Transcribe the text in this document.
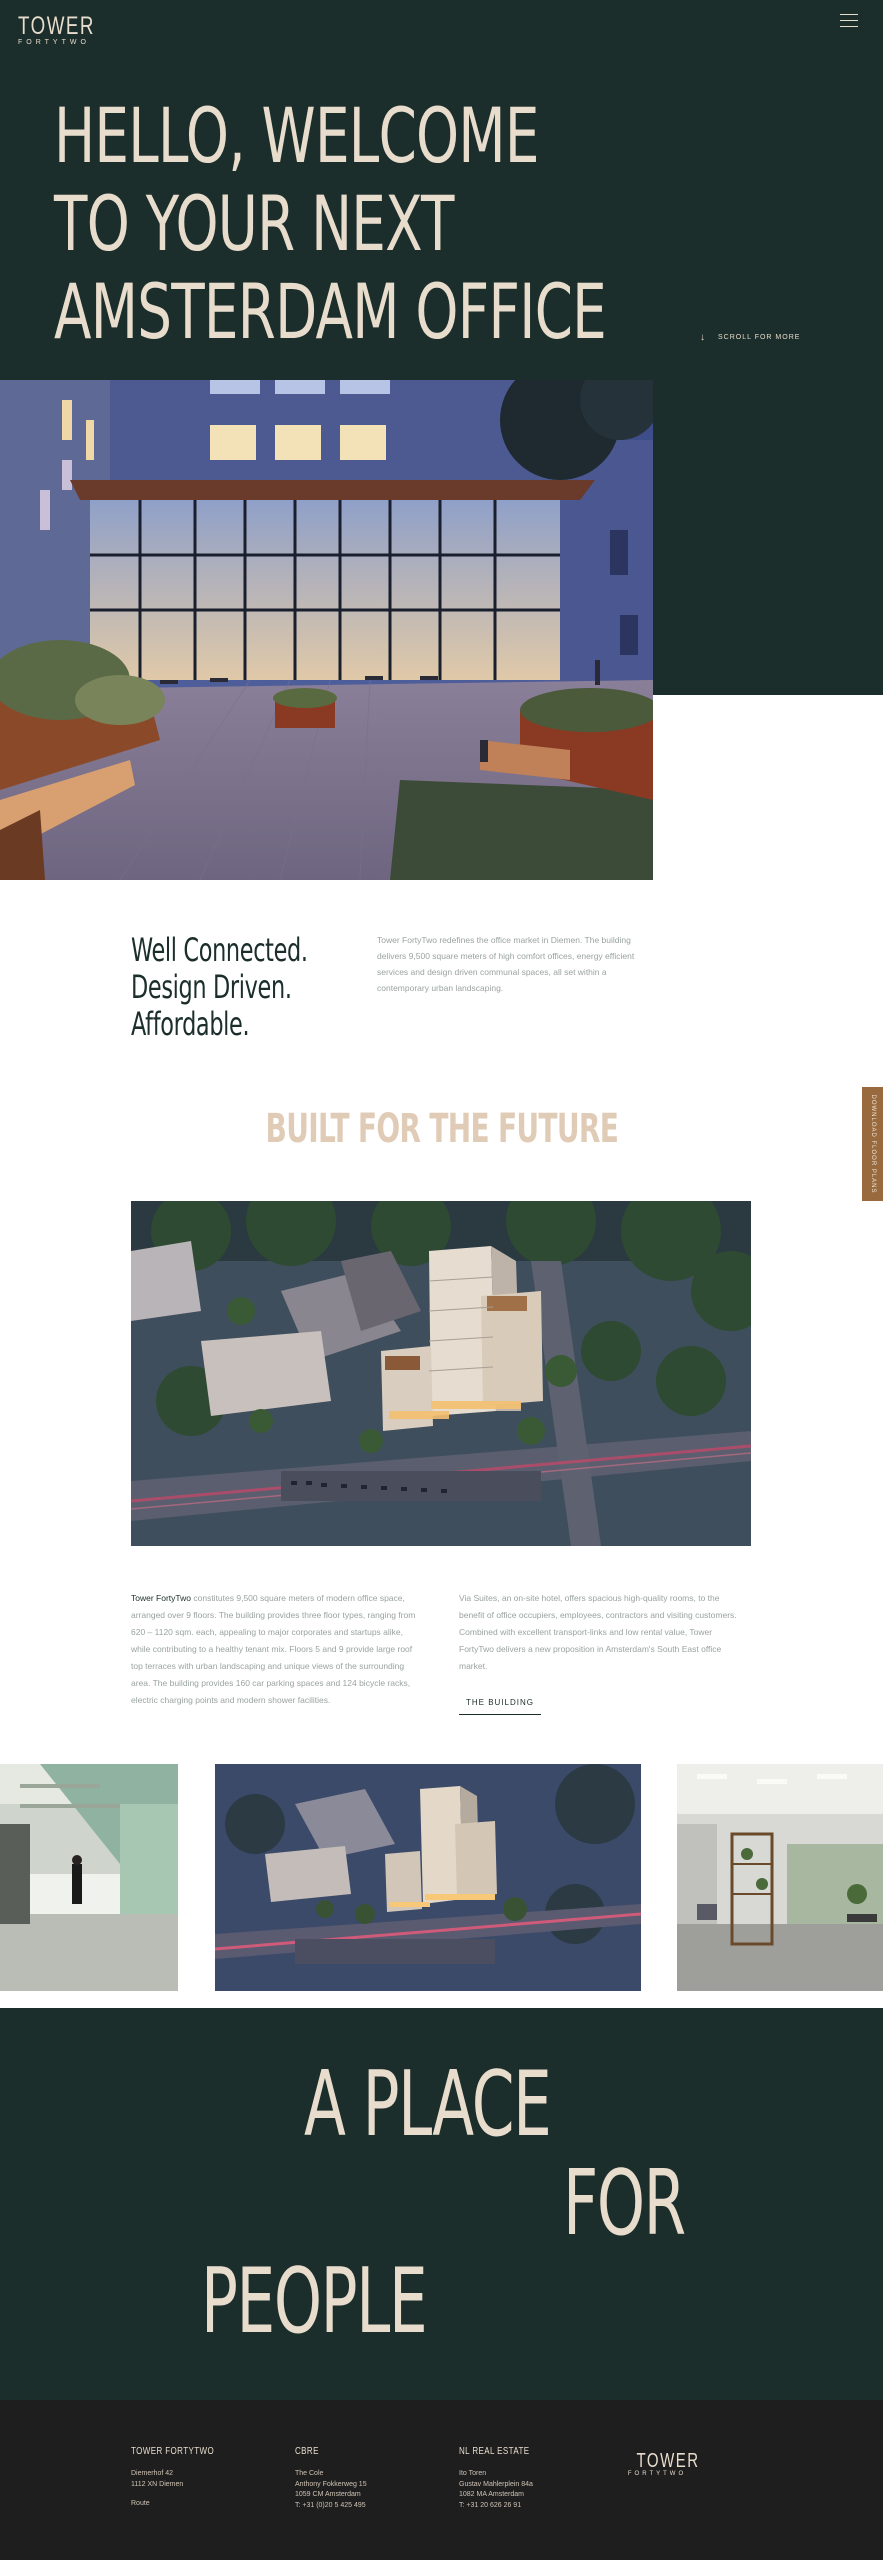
TOWER
FORTYTWO
HELLO, WELCOME
TO YOUR NEXT
AMSTERDAM OFFICE	↓ SCROLL FOR MORE
Well Connected.
Design Driven.
Affordable.

Tower FortyTwo redefines the office market in Diemen. The building delivers 9,500 square meters of high comfort offices, energy efficient services and design driven communal spaces, all set within a contemporary urban landscaping.

DOWNLOAD FLOOR PLANS
BUILT FOR THE FUTURE
Tower FortyTwo constitutes 9,500 square meters of modern office space, arranged over 9 floors. The building provides three floor types, ranging from 620 – 1120 sqm. each, appealing to major corporates and startups alike, while contributing to a healthy tenant mix. Floors 5 and 9 provide large roof top terraces with urban landscaping and unique views of the surrounding area. The building provides 160 car parking spaces and 124 bicycle racks, electric charging points and modern shower facilities.
Via Suites, an on-site hotel, offers spacious high-quality rooms, to the benefit of office occupiers, employees, contractors and visiting customers. Combined with excellent transport-links and low rental value, Tower FortyTwo delivers a new proposition in Amsterdam's South East office market.
THE BUILDING
A PLACE
FOR
PEOPLE
TOWER FORTYTWO
Diemerhof 42
1112 XN Diemen
Route
CBRE
The Cole
Anthony Fokkerweg 15
1059 CM Amsterdam
T: +31 (0)20 5 425 495
NL REAL ESTATE
Ito Toren
Gustav Mahlerplein 84a
1082 MA Amsterdam
T: +31 20 626 26 91
TOWER
FORTYTWO
